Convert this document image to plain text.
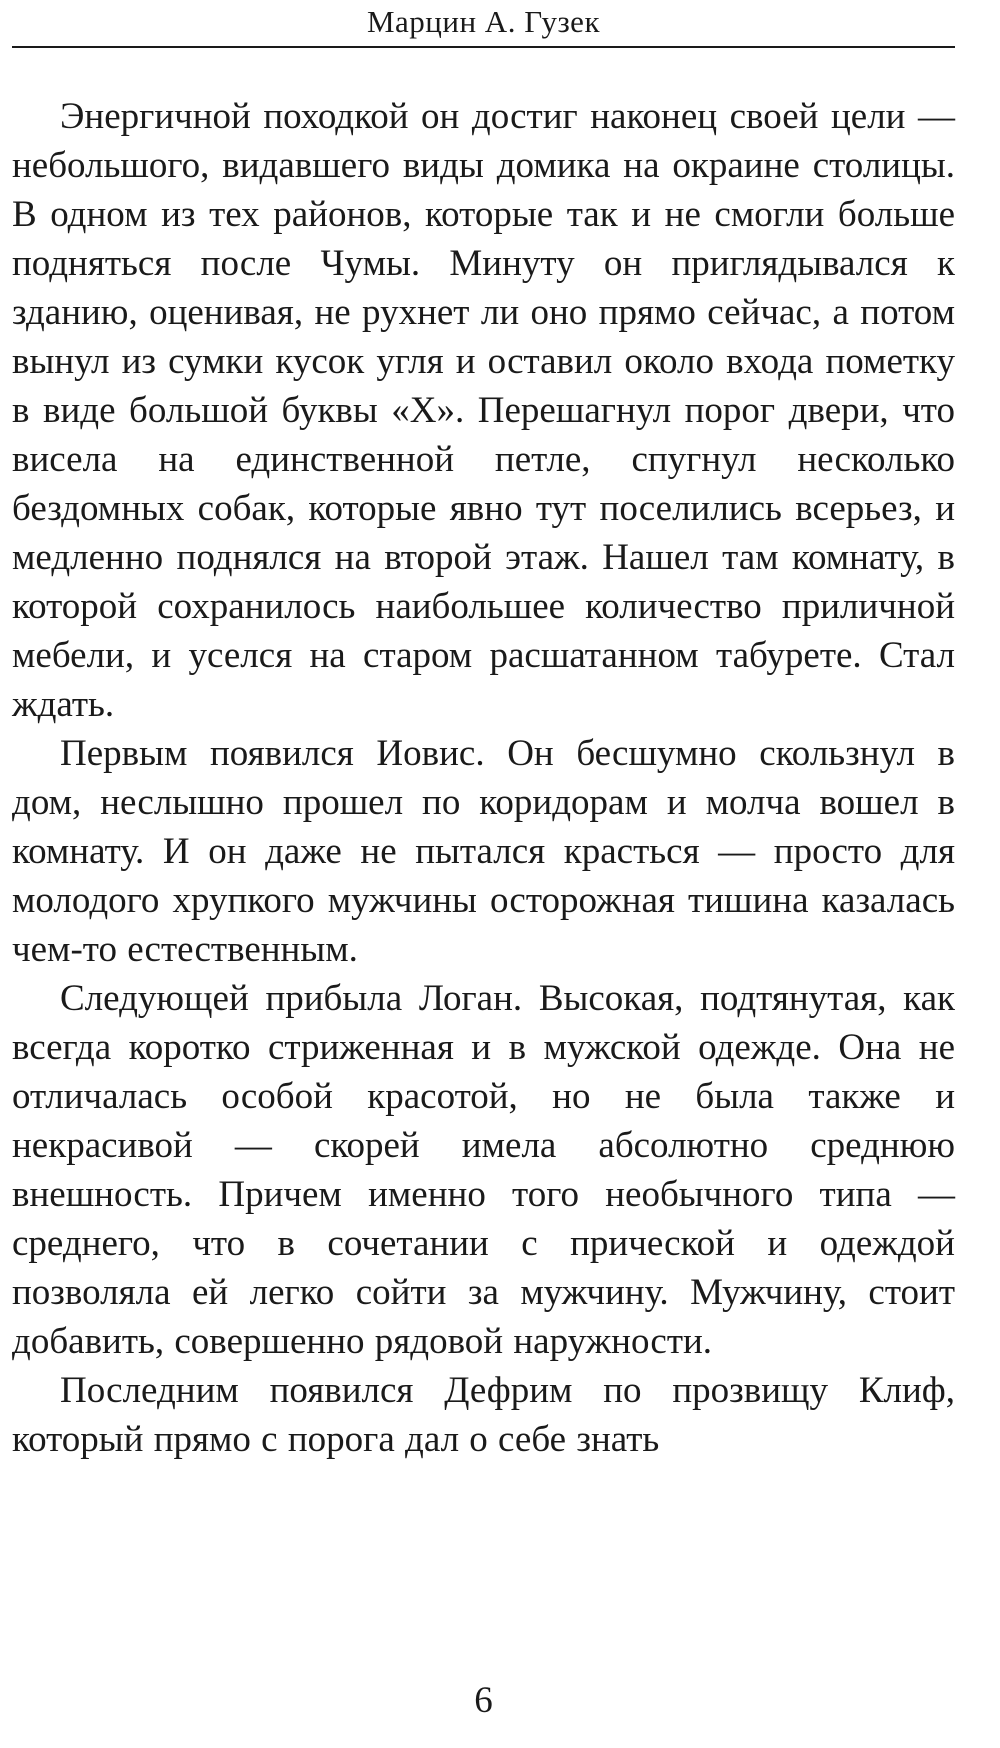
Марцин А. Гузек

Энергичной походкой он достиг наконец своей цели — небольшого, видавшего виды домика на окраине столицы. В одном из тех районов, которые так и не смогли больше подняться после Чумы. Минуту он приглядывался к зданию, оценивая, не рухнет ли оно прямо сейчас, а потом вынул из сумки кусок угля и оставил около входа пометку в виде большой буквы «Х». Перешагнул порог двери, что висела на единственной петле, спугнул несколько бездомных собак, которые явно тут поселились всерьез, и медленно поднялся на второй этаж. Нашел там комнату, в которой сохранилось наибольшее количество приличной мебели, и уселся на старом расшатанном табурете. Стал ждать.

Первым появился Иовис. Он бесшумно скользнул в дом, неслышно прошел по коридорам и молча вошел в комнату. И он даже не пытался красться — просто для молодого хрупкого мужчины осторожная тишина казалась чем-то естественным.

Следующей прибыла Логан. Высокая, подтянутая, как всегда коротко стриженная и в мужской одежде. Она не отличалась особой красотой, но не была также и некрасивой — скорей имела абсолютно среднюю внешность. Причем именно того необычного типа — среднего, что в сочетании с прической и одеждой позволяла ей легко сойти за мужчину. Мужчину, стоит добавить, совершенно рядовой наружности.

Последним появился Дефрим по прозвищу Клиф, который прямо с порога дал о себе знать

6
